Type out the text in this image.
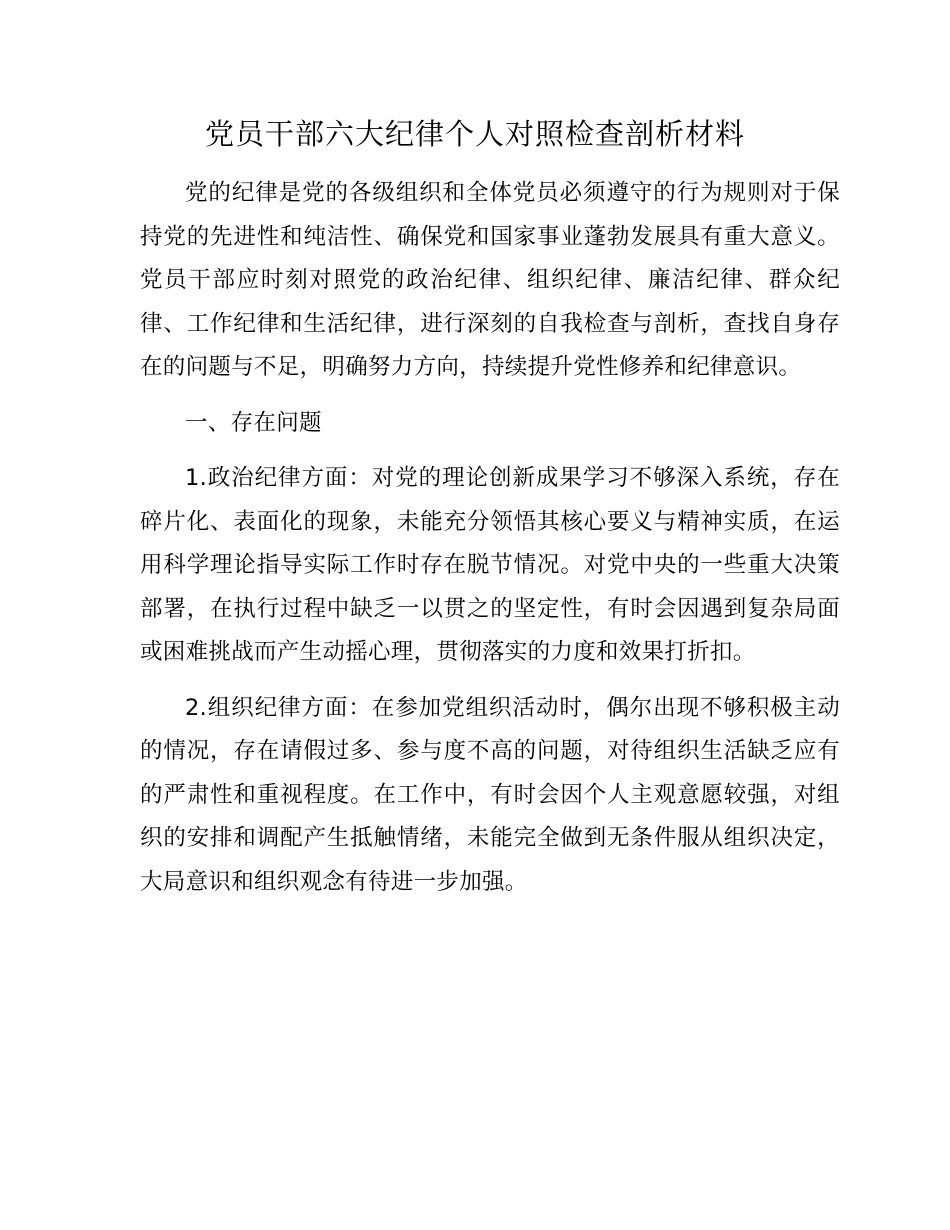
党员干部六大纪律个人对照检查剖析材料

党的纪律是党的各级组织和全体党员必须遵守的行为规则对于保持党的先进性和纯洁性、确保党和国家事业蓬勃发展具有重大意义。党员干部应时刻对照党的政治纪律、组织纪律、廉洁纪律、群众纪律、工作纪律和生活纪律，进行深刻的自我检查与剖析，查找自身存在的问题与不足，明确努力方向，持续提升党性修养和纪律意识。

一、存在问题

1.政治纪律方面：对党的理论创新成果学习不够深入系统，存在碎片化、表面化的现象，未能充分领悟其核心要义与精神实质，在运用科学理论指导实际工作时存在脱节情况。对党中央的一些重大决策部署，在执行过程中缺乏一以贯之的坚定性，有时会因遇到复杂局面或困难挑战而产生动摇心理，贯彻落实的力度和效果打折扣。

2.组织纪律方面：在参加党组织活动时，偶尔出现不够积极主动的情况，存在请假过多、参与度不高的问题，对待组织生活缺乏应有的严肃性和重视程度。在工作中，有时会因个人主观意愿较强，对组织的安排和调配产生抵触情绪，未能完全做到无条件服从组织决定，大局意识和组织观念有待进一步加强。
